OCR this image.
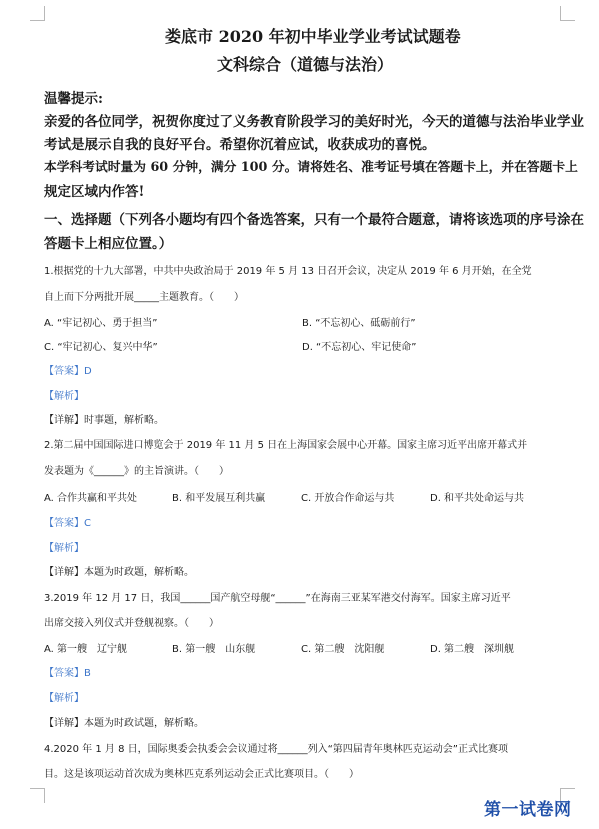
娄底市 2020 年初中毕业学业考试试题卷
文科综合（道德与法治）
温馨提示:
亲爱的各位同学，祝贺你度过了义务教育阶段学习的美好时光，今天的道德与法治毕业学业
考试是展示自我的良好平台。希望你沉着应试，收获成功的喜悦。
本学科考试时量为 60 分钟，满分 100 分。请将姓名、准考证号填在答题卡上，并在答题卡上
规定区域内作答!
一、选择题（下列各小题均有四个备选答案，只有一个最符合题意，请将该选项的序号涂在
答题卡上相应位置。）
1.根据党的十九大部署，中共中央政治局于 2019 年 5 月 13 日召开会议，决定从 2019 年 6 月开始，在全党
自上而下分两批开展_____主题教育。（　　）
A. “牢记初心、勇于担当”	B. “不忘初心、砥砺前行”
C. “牢记初心、复兴中华”	D. “不忘初心、牢记使命”
【答案】D
【解析】
【详解】时事题，解析略。
2.第二届中国国际进口博览会于 2019 年 11 月 5 日在上海国家会展中心开幕。国家主席习近平出席开幕式并
发表题为《______》的主旨演讲。（　　）
A. 合作共赢和平共处	B. 和平发展互利共赢	C. 开放合作命运与共	D. 和平共处命运与共
【答案】C
【解析】
【详解】本题为时政题，解析略。
3.2019 年 12 月 17 日，我国______国产航空母舰“______”在海南三亚某军港交付海军。国家主席习近平
出席交接入列仪式并登舰视察。（　　）
A. 第一艘　辽宁舰	B. 第一艘　山东舰	C. 第二艘　沈阳舰	D. 第二艘　深圳舰
【答案】B
【解析】
【详解】本题为时政试题，解析略。
4.2020 年 1 月 8 日，国际奥委会执委会会议通过将______列入“第四届青年奥林匹克运动会”正式比赛项
目。这是该项运动首次成为奥林匹克系列运动会正式比赛项目。（　　）
第一试卷网
